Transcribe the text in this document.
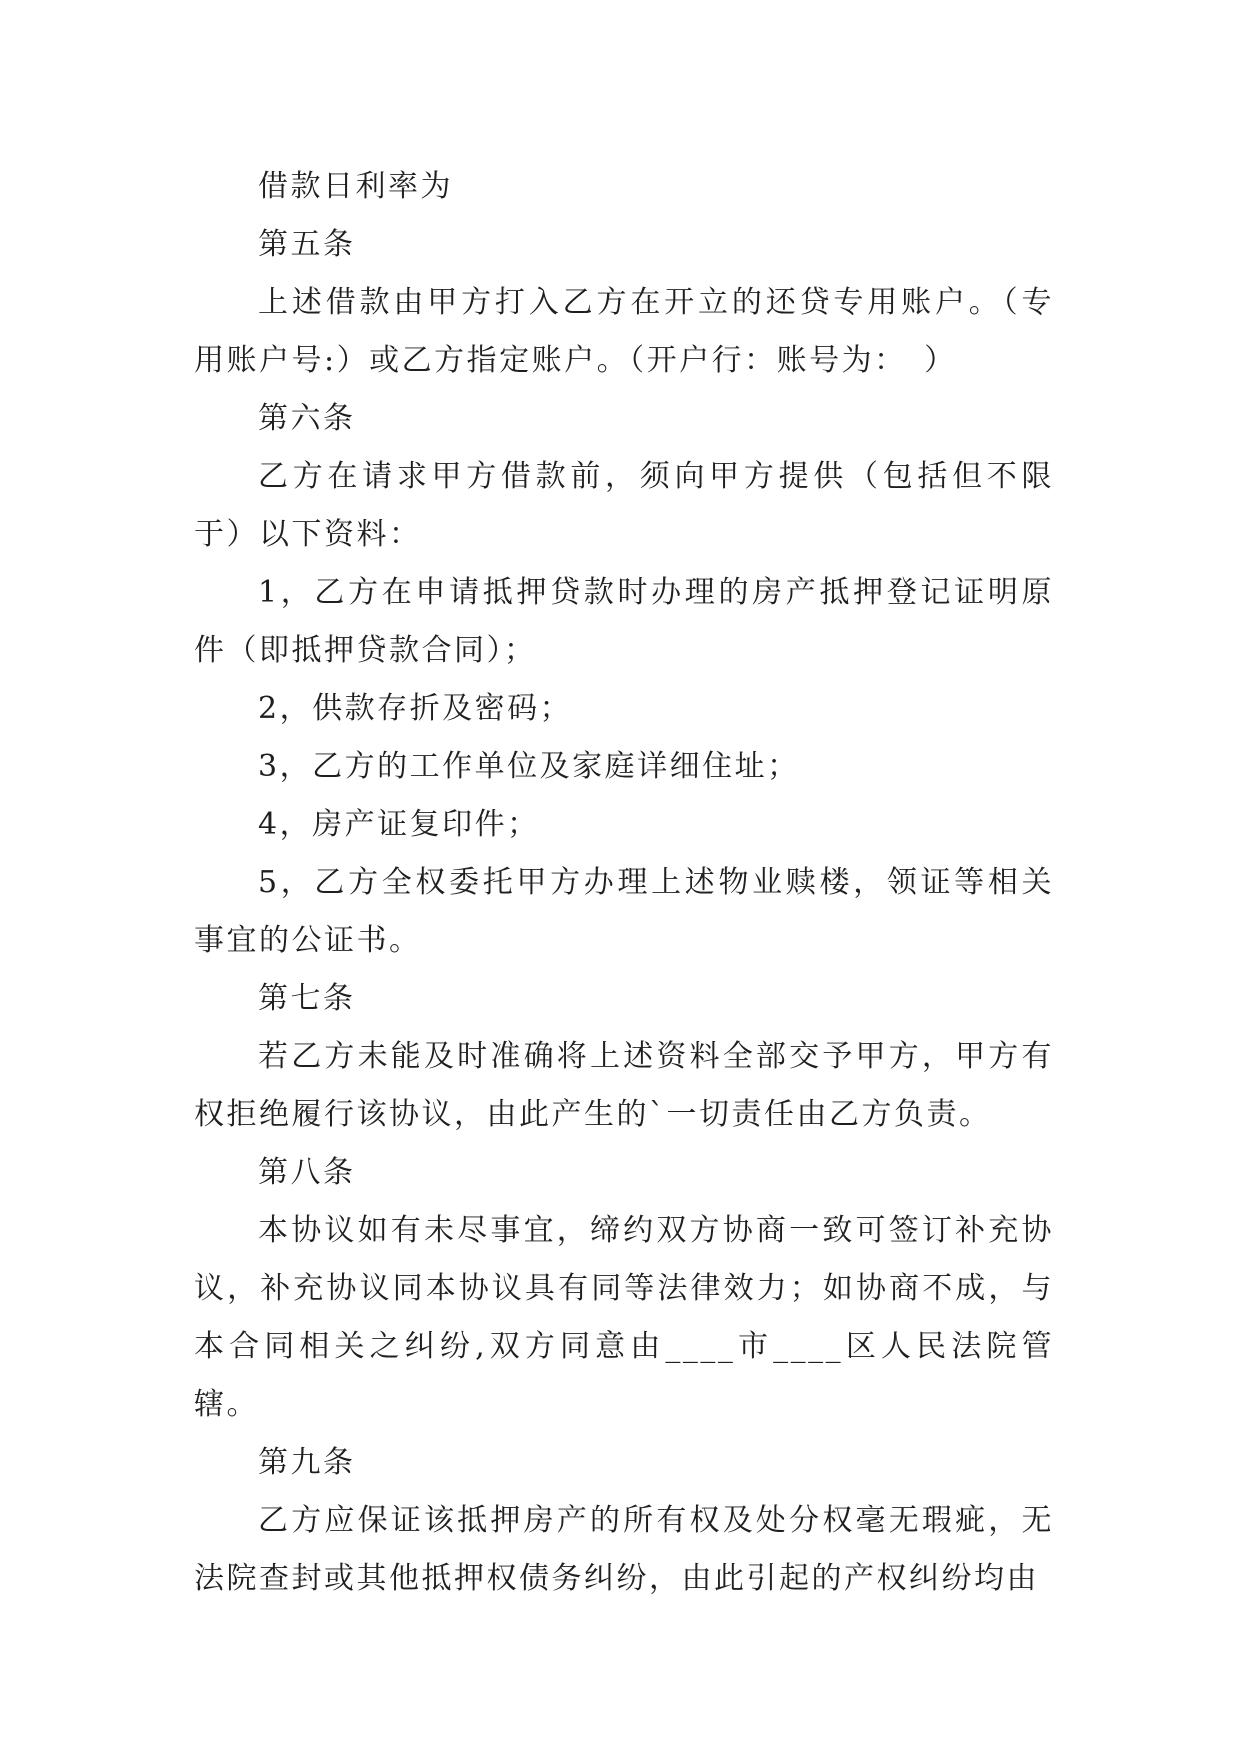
借款日利率为

第五条

上述借款由甲方打入乙方在开立的还贷专用账户。（专用账户号:）或乙方指定账户。（开户行：账号为：　）

第六条

乙方在请求甲方借款前，须向甲方提供（包括但不限于）以下资料：

1，乙方在申请抵押贷款时办理的房产抵押登记证明原件（即抵押贷款合同）；

2，供款存折及密码；

3，乙方的工作单位及家庭详细住址；

4，房产证复印件；

5，乙方全权委托甲方办理上述物业赎楼，领证等相关事宜的公证书。

第七条

若乙方未能及时准确将上述资料全部交予甲方，甲方有权拒绝履行该协议，由此产生的`一切责任由乙方负责。

第八条

本协议如有未尽事宜，缔约双方协商一致可签订补充协议，补充协议同本协议具有同等法律效力；如协商不成，与本合同相关之纠纷,双方同意由____市____区人民法院管辖。

第九条

乙方应保证该抵押房产的所有权及处分权毫无瑕疵，无法院查封或其他抵押权债务纠纷，由此引起的产权纠纷均由
